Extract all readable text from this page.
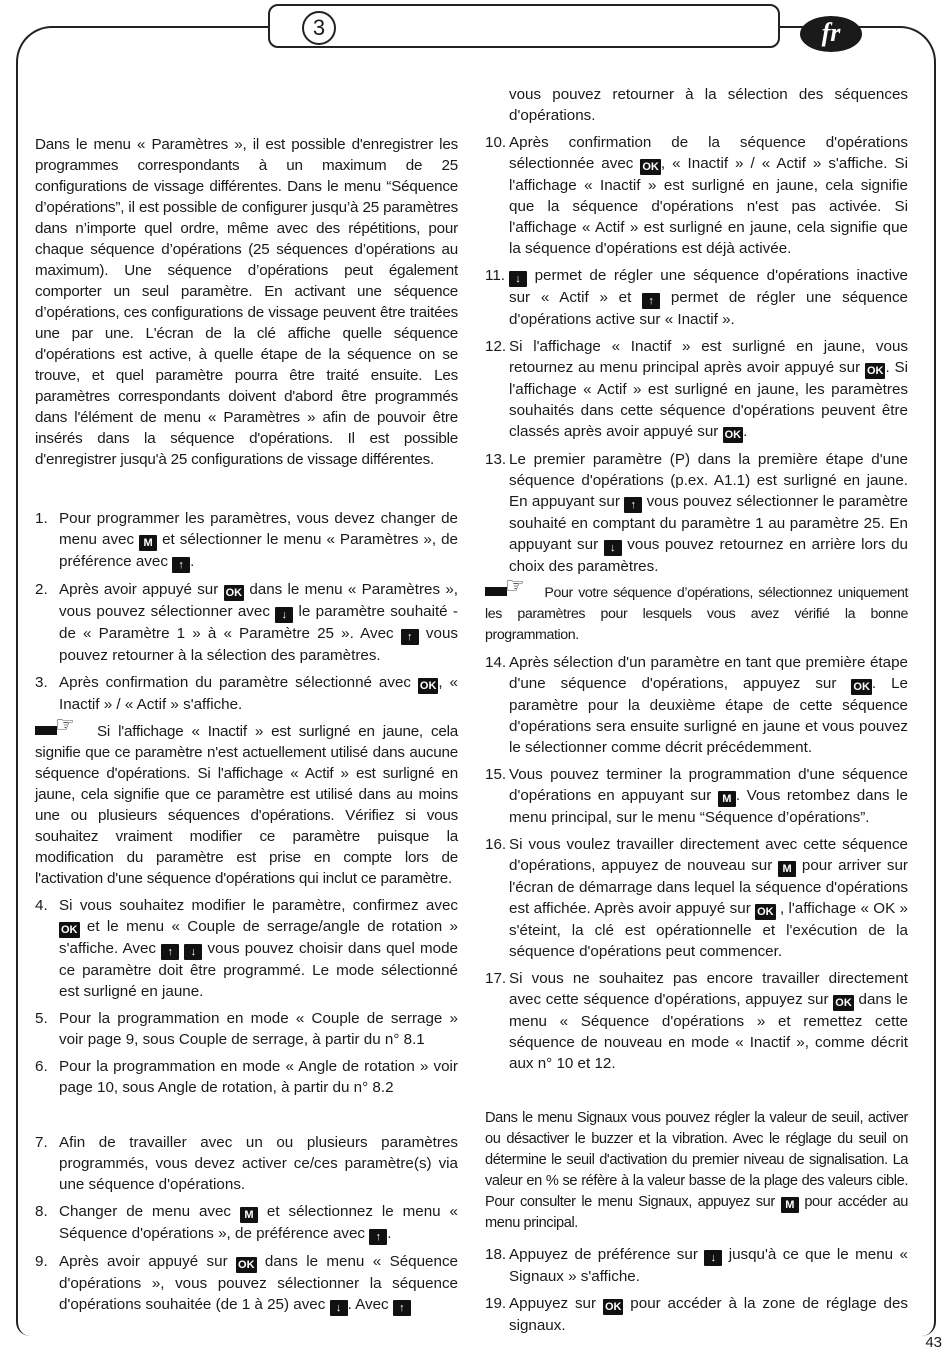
3	fr

Dans le menu « Paramètres », il est possible d'enregistrer les programmes correspondants à un maximum de 25 configurations de vissage différentes. Dans le menu “Séquence d’opérations”, il est possible de configurer jusqu’à 25 paramètres dans n’importe quel ordre, même avec des répétitions, pour chaque séquence d’opérations (25 séquences d’opérations au maximum). Une séquence d’opérations peut également comporter un seul paramètre. En activant une séquence d’opérations, ces configurations de vissage peuvent être traitées une par une. L'écran de la clé affiche quelle séquence d'opérations est active, à quelle étape de la séquence on se trouve, et quel paramètre pourra être traité ensuite. Les paramètres correspondants doivent d'abord être programmés dans l'élément de menu « Paramètres » afin de pouvoir être insérés dans la séquence d'opérations. Il est possible d'enregistrer jusqu'à 25 configurations de vissage différentes.

1. Pour programmer les paramètres, vous devez changer de menu avec M et sélectionner le menu « Paramètres », de préférence avec ↑ .
2. Après avoir appuyé sur OK dans le menu « Paramètres », vous pouvez sélectionner avec ↓ le paramètre souhaité - de « Paramètre 1 » à « Paramètre 25 ». Avec ↑ vous pouvez retourner à la sélection des paramètres.
3. Après confirmation du paramètre sélectionné avec OK , « Inactif » / « Actif » s'affiche.

☞ Si l'affichage « Inactif » est surligné en jaune, cela signifie que ce paramètre n'est actuellement utilisé dans aucune séquence d'opérations. Si l'affichage « Actif » est surligné en jaune, cela signifie que ce paramètre est utilisé dans au moins une ou plusieurs séquences d'opérations. Vérifiez si vous souhaitez vraiment modifier ce paramètre puisque la modification du paramètre est prise en compte lors de l'activation d'une séquence d'opérations qui inclut ce paramètre.

4. Si vous souhaitez modifier le paramètre, confirmez avec OK et le menu « Couple de serrage/angle de rotation » s'affiche. Avec ↑ ↓ vous pouvez choisir dans quel mode ce paramètre doit être programmé. Le mode sélectionné est surligné en jaune.
5. Pour la programmation en mode « Couple de serrage » voir page 9, sous Couple de serrage, à partir du n° 8.1
6. Pour la programmation en mode « Angle de rotation » voir page 10, sous Angle de rotation, à partir du n° 8.2
7. Afin de travailler avec un ou plusieurs paramètres programmés, vous devez activer ce/ces paramètre(s) via une séquence d'opérations.
8. Changer de menu avec M et sélectionnez le menu « Séquence d'opérations », de préférence avec ↑ .
9. Après avoir appuyé sur OK dans le menu « Séquence d'opérations », vous pouvez sélectionner la séquence d'opérations souhaitée (de 1 à 25) avec ↓ . Avec ↑
vous pouvez retourner à la sélection des séquences d'opérations.
10. Après confirmation de la séquence d'opérations sélectionnée avec OK , « Inactif » / « Actif » s'affiche. Si l'affichage « Inactif » est surligné en jaune, cela signifie que la séquence d'opérations n'est pas activée. Si l'affichage « Actif » est surligné en jaune, cela signifie que la séquence d'opérations est déjà activée.
11. ↓ permet de régler une séquence d'opérations inactive sur « Actif » et ↑ permet de régler une séquence d'opérations active sur « Inactif ».
12. Si l'affichage « Inactif » est surligné en jaune, vous retournez au menu principal après avoir appuyé sur OK . Si l'affichage « Actif » est surligné en jaune, les paramètres souhaités dans cette séquence d'opérations peuvent être classés après avoir appuyé sur OK .
13. Le premier paramètre (P) dans la première étape d'une séquence d'opérations (p.ex. A1.1) est surligné en jaune. En appuyant sur ↑ vous pouvez sélectionner le paramètre souhaité en comptant du paramètre 1 au paramètre 25. En appuyant sur ↓ vous pouvez retournez en arrière lors du choix des paramètres.

☞ Pour votre séquence d’opérations, sélectionnez uniquement les paramètres pour lesquels vous avez vérifié la bonne programmation.

14. Après sélection d'un paramètre en tant que première étape d'une séquence d'opérations, appuyez sur OK . Le paramètre pour la deuxième étape de cette séquence d'opérations sera ensuite surligné en jaune et vous pouvez le sélectionner comme décrit précédemment.
15. Vous pouvez terminer la programmation d'une séquence d'opérations en appuyant sur M . Vous retombez dans le menu principal, sur le menu “Séquence d’opérations”.
16. Si vous voulez travailler directement avec cette séquence d'opérations, appuyez de nouveau sur M pour arriver sur l'écran de démarrage dans lequel la séquence d'opérations est affichée. Après avoir appuyé sur OK , l'affichage « OK » s'éteint, la clé est opérationnelle et l'exécution de la séquence d'opérations peut commencer.
17. Si vous ne souhaitez pas encore travailler directement avec cette séquence d'opérations, appuyez sur OK dans le menu « Séquence d'opérations » et remettez cette séquence de nouveau en mode « Inactif », comme décrit aux n° 10 et 12.

Dans le menu Signaux vous pouvez régler la valeur de seuil, activer ou désactiver le buzzer et la vibration. Avec le réglage du seuil on détermine le seuil d'activation du premier niveau de signalisation. La valeur en % se réfère à la valeur basse de la plage des valeurs cible. Pour consulter le menu Signaux, appuyez sur M pour accéder au menu principal.

18. Appuyez de préférence sur ↓ jusqu'à ce que le menu « Signaux » s'affiche.
19. Appuyez sur OK pour accéder à la zone de réglage des signaux.
43
